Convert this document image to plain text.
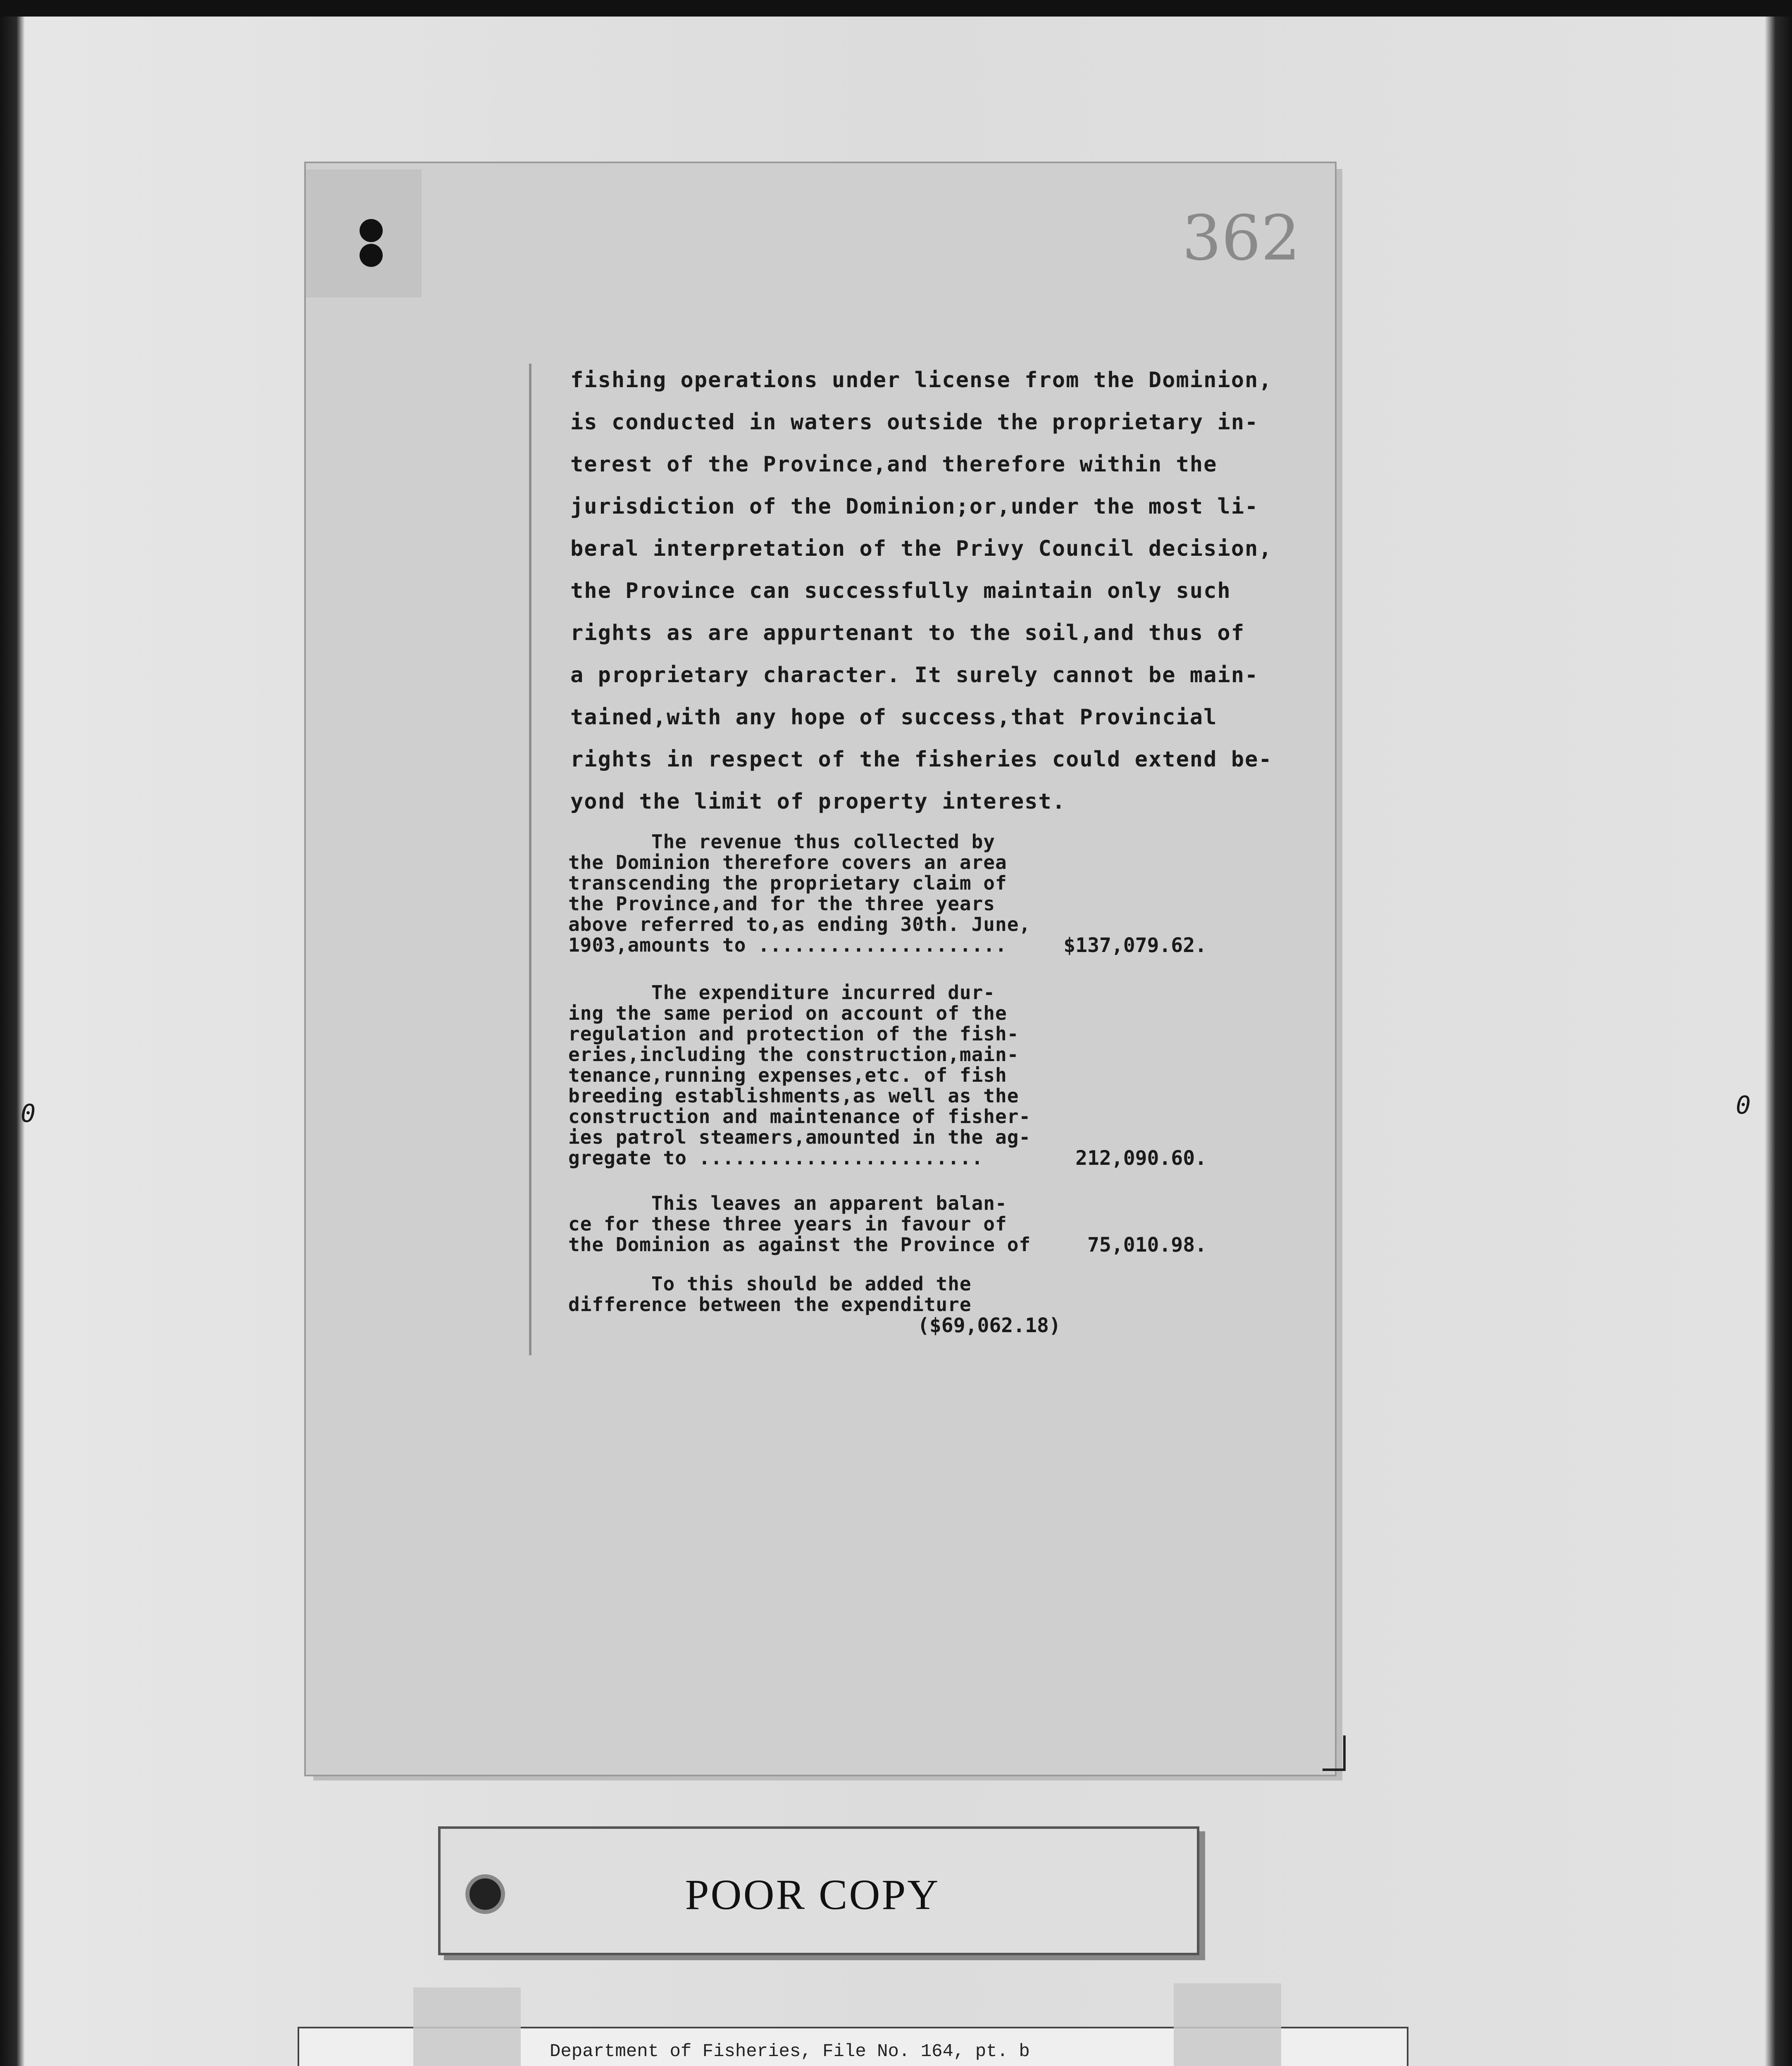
0	0
362
fishing operations under license from the Dominion,
is conducted in waters outside the proprietary in-
terest of the Province,and therefore within the
jurisdiction of the Dominion;or,under the most li-
beral interpretation of the Privy Council decision,
the Province can successfully maintain only such
rights as are appurtenant to the soil,and thus of
a proprietary character. It surely cannot be main-
tained,with any hope of success,that Provincial
rights in respect of the fisheries could extend be-
yond the limit of property interest.
The revenue thus collected by
the Dominion therefore covers an area
transcending the proprietary claim of
the Province,and for the three years
above referred to,as ending 30th. June,
1903,amounts to .....................	$137,079.62.
The expenditure incurred dur-
ing the same period on account of the
regulation and protection of the fish-
eries,including the construction,main-
tenance,running expenses,etc. of fish
breeding establishments,as well as the
construction and maintenance of fisher-
ies patrol steamers,amounted in the ag-
gregate to ........................	212,090.60.
This leaves an apparent balan-
ce for these three years in favour of
the Dominion as against the Province of	75,010.98.
To this should be added the
difference between the expenditure
($69,062.18)
POOR COPY
Department of Fisheries, File No. 164, pt. b
